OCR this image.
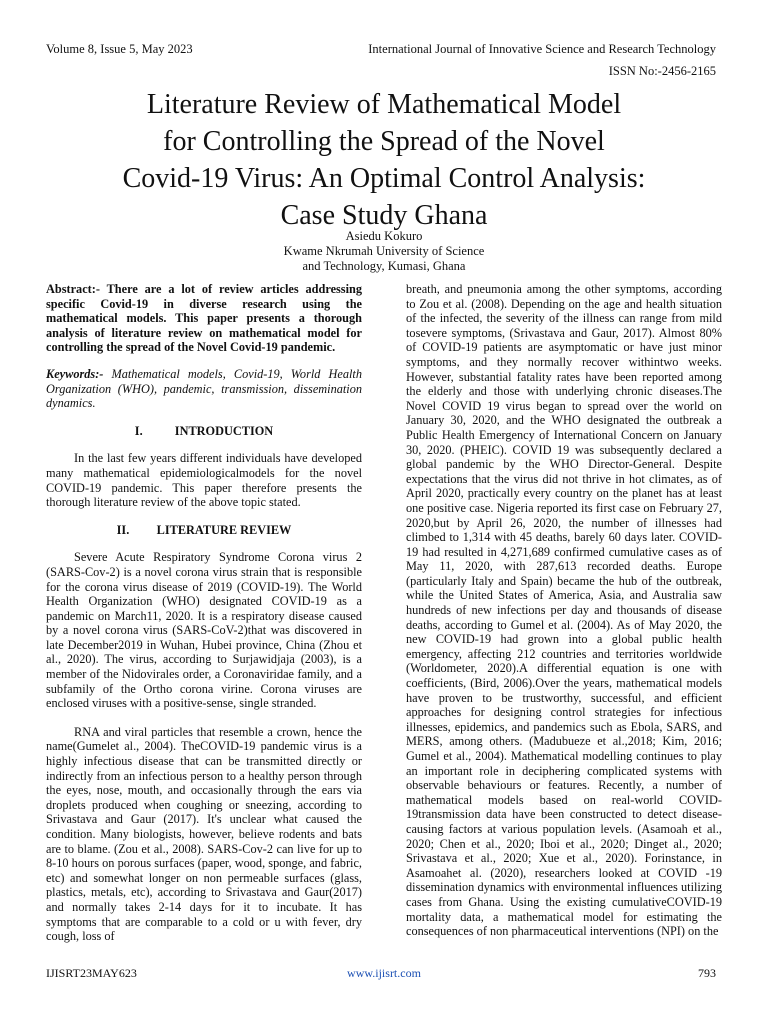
Volume 8, Issue 5, May 2023	International Journal of Innovative Science and Research Technology
ISSN No:-2456-2165
Literature Review of Mathematical Model
for Controlling the Spread of the Novel
Covid-19 Virus: An Optimal Control Analysis:
Case Study Ghana
Asiedu Kokuro
Kwame Nkrumah University of Science
and Technology, Kumasi, Ghana

Abstract:- There are a lot of review articles addressing specific Covid-19 in diverse research using the mathematical models. This paper presents a thorough analysis of literature review on mathematical model for controlling the spread of the Novel Covid-19 pandemic.

Keywords:- Mathematical models, Covid-19, World Health Organization (WHO), pandemic, transmission, dissemination dynamics.

I.	INTRODUCTION

In the last few years different individuals have developed many mathematical epidemiologicalmodels for the novel COVID-19 pandemic. This paper therefore presents the thorough literature review of the above topic stated.

II. LITERATURE REVIEW

Severe Acute Respiratory Syndrome Corona virus 2 (SARS-Cov-2) is a novel corona virus strain that is responsible for the corona virus disease of 2019 (COVID-19). The World Health Organization (WHO) designated COVID-19 as a pandemic on March11, 2020. It is a respiratory disease caused by a novel corona virus (SARS-CoV-2)that was discovered in late December2019 in Wuhan, Hubei province, China (Zhou et al., 2020). The virus, according to Surjawidjaja (2003), is a member of the Nidovirales order, a Coronaviridae family, and a subfamily of the Ortho corona virine. Corona viruses are enclosed viruses with a positive-sense, single stranded.

RNA and viral particles that resemble a crown, hence the name(Gumelet al., 2004). TheCOVID-19 pandemic virus is a highly infectious disease that can be transmitted directly or indirectly from an infectious person to a healthy person through the eyes, nose, mouth, and occasionally through the ears via droplets produced when coughing or sneezing, according to Srivastava and Gaur (2017). It's unclear what caused the condition. Many biologists, however, believe rodents and bats are to blame. (Zou et al., 2008). SARS-Cov-2 can live for up to 8-10 hours on porous surfaces (paper, wood, sponge, and fabric, etc) and somewhat longer on non permeable surfaces (glass, plastics, metals, etc), according to Srivastava and Gaur(2017) and normally takes 2-14 days for it to incubate. It has symptoms that are comparable to a cold or u with fever, dry cough, loss of

breath, and pneumonia among the other symptoms, according to Zou et al. (2008). Depending on the age and health situation of the infected, the severity of the illness can range from mild tosevere symptoms, (Srivastava and Gaur, 2017). Almost 80% of COVID-19 patients are asymptomatic or have just minor symptoms, and they normally recover withintwo weeks. However, substantial fatality rates have been reported among the elderly and those with underlying chronic diseases.The Novel COVID 19 virus began to spread over the world on January 30, 2020, and the WHO designated the outbreak a Public Health Emergency of International Concern on January 30, 2020. (PHEIC). COVID 19 was subsequently declared a global pandemic by the WHO Director-General. Despite expectations that the virus did not thrive in hot climates, as of April 2020, practically every country on the planet has at least one positive case. Nigeria reported its first case on February 27, 2020,but by April 26, 2020, the number of illnesses had climbed to 1,314 with 45 deaths, barely 60 days later. COVID-19 had resulted in 4,271,689 confirmed cumulative cases as of May 11, 2020, with 287,613 recorded deaths. Europe (particularly Italy and Spain) became the hub of the outbreak, while the United States of America, Asia, and Australia saw hundreds of new infections per day and thousands of disease deaths, according to Gumel et al. (2004). As of May 2020, the new COVID-19 had grown into a global public health emergency, affecting 212 countries and territories worldwide (Worldometer, 2020).A differential equation is one with coefficients, (Bird, 2006).Over the years, mathematical models have proven to be trustworthy, successful, and efficient approaches for designing control strategies for infectious illnesses, epidemics, and pandemics such as Ebola, SARS, and MERS, among others. (Madubueze et al.,2018; Kim, 2016; Gumel et al., 2004). Mathematical modelling continues to play an important role in deciphering complicated systems with observable behaviours or features. Recently, a number of mathematical models based on real-world COVID-19transmission data have been constructed to detect disease-causing factors at various population levels. (Asamoah et al., 2020; Chen et al., 2020; Iboi et al., 2020; Dinget al., 2020; Srivastava et al., 2020; Xue et al., 2020). Forinstance, in Asamoahet al. (2020), researchers looked at COVID -19 dissemination dynamics with environmental influences utilizing cases from Ghana. Using the existing cumulativeCOVID-19 mortality data, a mathematical model for estimating the consequences of non pharmaceutical interventions (NPI) on the

IJISRT23MAY623	www.ijisrt.com	793
